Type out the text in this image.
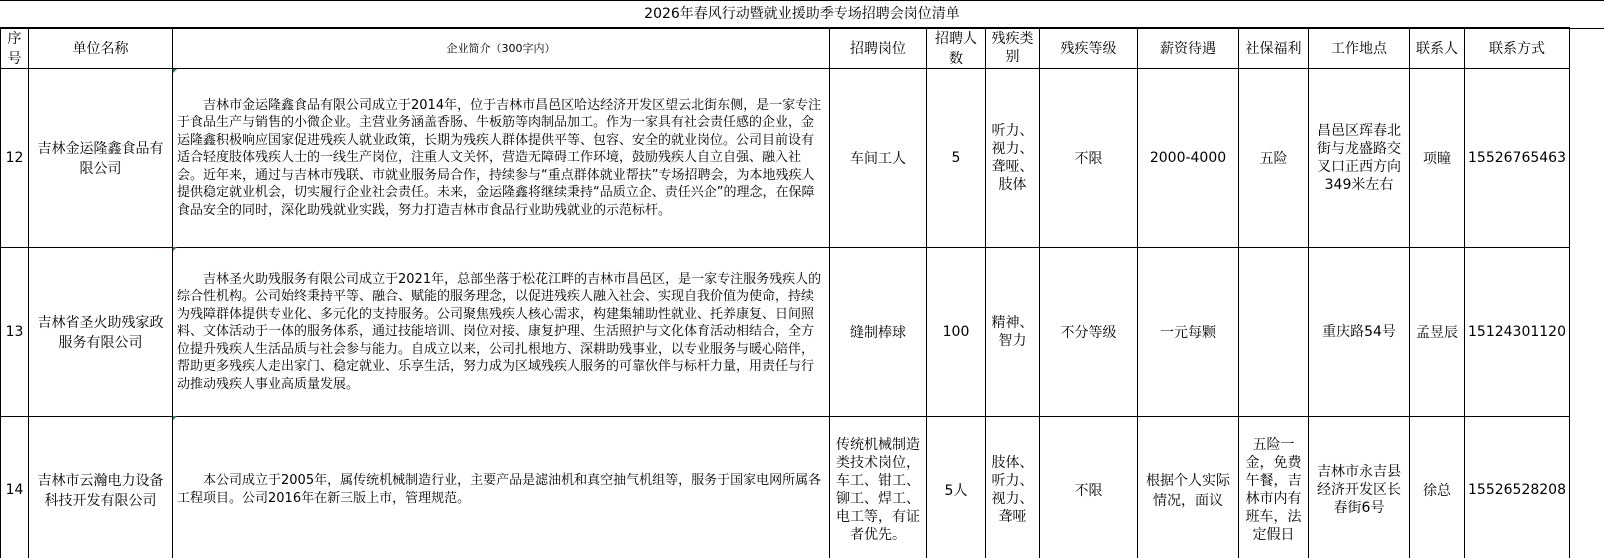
2026年春风行动暨就业援助季专场招聘会岗位清单
序号	单位名称	企业简介（300字内）	招聘岗位	招聘人数	残疾类别	残疾等级	薪资待遇	社保福利	工作地点	联系人	联系方式
12	吉林金运隆鑫食品有限公司	吉林市金运隆鑫食品有限公司成立于2014年，位于吉林市昌邑区哈达经济开发区望云北街东侧，是一家专注于食品生产与销售的小微企业。主营业务涵盖香肠、牛板筋等肉制品加工。作为一家具有社会责任感的企业，金运隆鑫积极响应国家促进残疾人就业政策，长期为残疾人群体提供平等、包容、安全的就业岗位。公司目前设有适合轻度肢体残疾人士的一线生产岗位，注重人文关怀，营造无障碍工作环境，鼓励残疾人自立自强、融入社会。近年来，通过与吉林市残联、市就业服务局合作，持续参与“重点群体就业帮扶”专场招聘会，为本地残疾人提供稳定就业机会，切实履行企业社会责任。未来，金运隆鑫将继续秉持“品质立企、责任兴企”的理念，在保障食品安全的同时，深化助残就业实践，努力打造吉林市食品行业助残就业的示范标杆。	车间工人	5	听力、视力、聋哑、肢体	不限	2000-4000	五险	昌邑区珲春北街与龙盛路交叉口正西方向349米左右	项瞳	15526765463
13	吉林省圣火助残家政服务有限公司	吉林圣火助残服务有限公司成立于2021年，总部坐落于松花江畔的吉林市昌邑区，是一家专注服务残疾人的综合性机构。公司始终秉持平等、融合、赋能的服务理念，以促进残疾人融入社会、实现自我价值为使命，持续为残障群体提供专业化、多元化的支持服务。公司聚焦残疾人核心需求，构建集辅助性就业、托养康复、日间照料、文体活动于一体的服务体系，通过技能培训、岗位对接、康复护理、生活照护与文化体育活动相结合，全方位提升残疾人生活品质与社会参与能力。自成立以来，公司扎根地方、深耕助残事业，以专业服务与暖心陪伴，帮助更多残疾人走出家门、稳定就业、乐享生活，努力成为区域残疾人服务的可靠伙伴与标杆力量，用责任与行动推动残疾人事业高质量发展。	缝制棒球	100	精神、智力	不分等级	一元每颗		重庆路54号	孟昱辰	15124301120
14	吉林市云瀚电力设备科技开发有限公司	本公司成立于2005年，属传统机械制造行业，主要产品是滤油机和真空抽气机组等，服务于国家电网所属各工程项目。公司2016年在新三版上市，管理规范。	传统机械制造类技术岗位，车工、钳工、铆工、焊工、电工等，有证者优先。	5人	肢体、听力、视力、聋哑	不限	根据个人实际情况，面议	五险一金，免费午餐，吉林市内有班车，法定假日	吉林市永吉县经济开发区长春街6号	徐总	15526528208
